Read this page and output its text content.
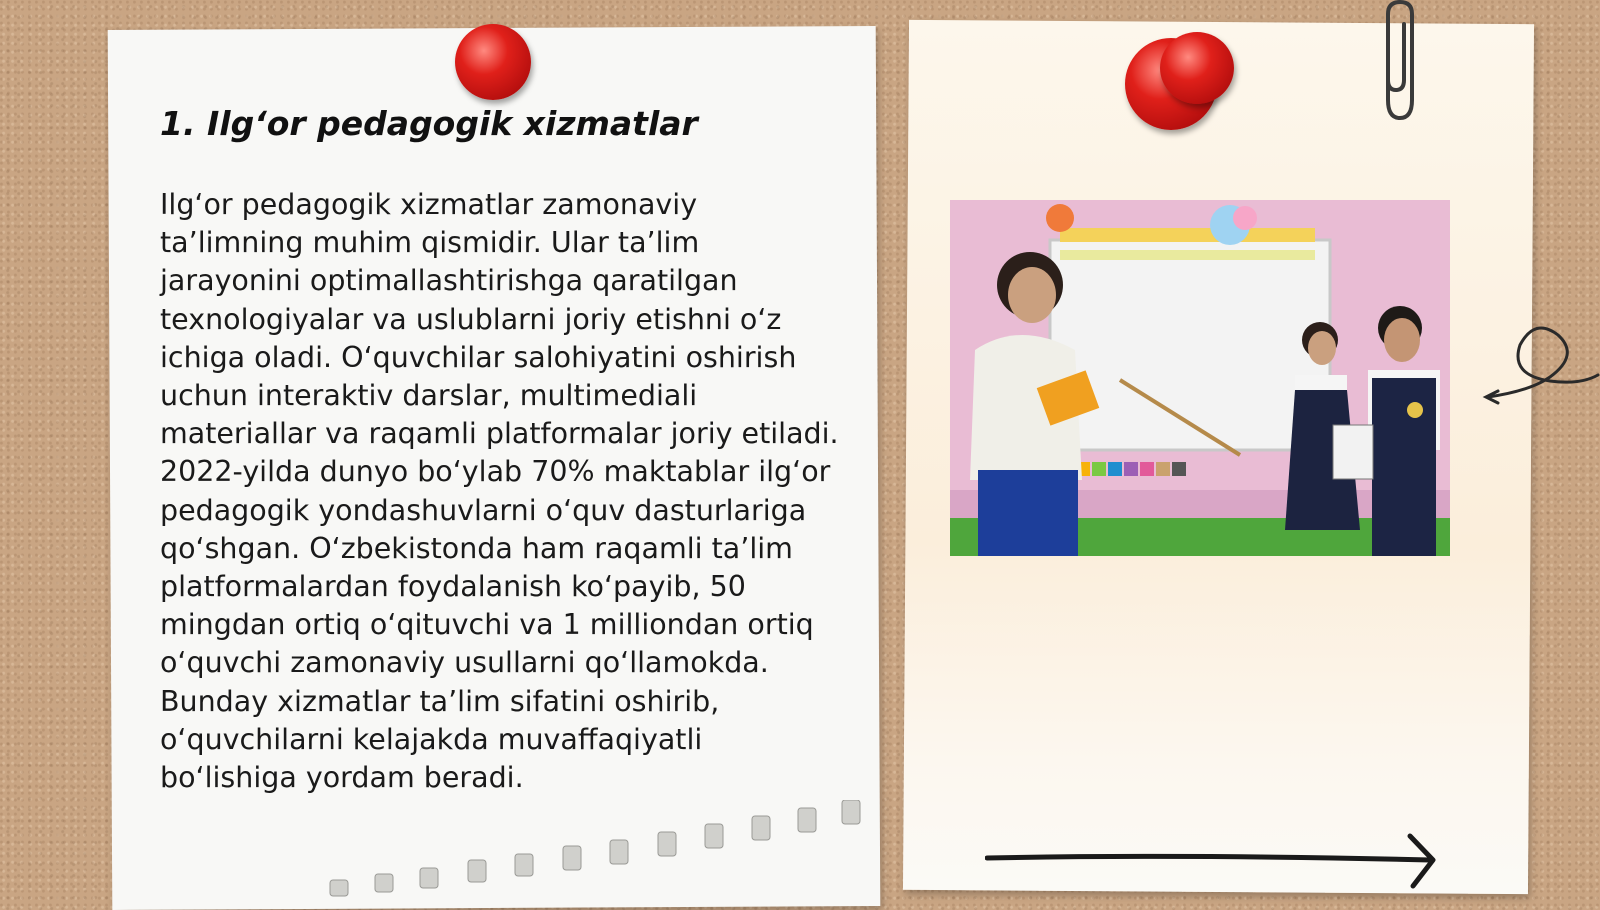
1. Ilg‘or pedagogik xizmatlar

Ilg‘or pedagogik xizmatlar zamonaviy ta’limning muhim qismidir. Ular ta’lim jarayonini optimallashtirishga qaratilgan texnologiyalar va uslublarni joriy etishni o‘z ichiga oladi. O‘quvchilar salohiyatini oshirish uchun interaktiv darslar, multimediali materiallar va raqamli platformalar joriy etiladi. 2022-yilda dunyo bo‘ylab 70% maktablar ilg‘or pedagogik yondashuvlarni o‘quv dasturlariga qo‘shgan. O‘zbekistonda ham raqamli ta’lim platformalardan foydalanish ko‘payib, 50 mingdan ortiq o‘qituvchi va 1 milliondan ortiq o‘quvchi zamonaviy usullarni qo‘llamokda. Bunday xizmatlar ta’lim sifatini oshirib, o‘quvchilarni kelajakda muvaffaqiyatli bo‘lishiga yordam beradi.
